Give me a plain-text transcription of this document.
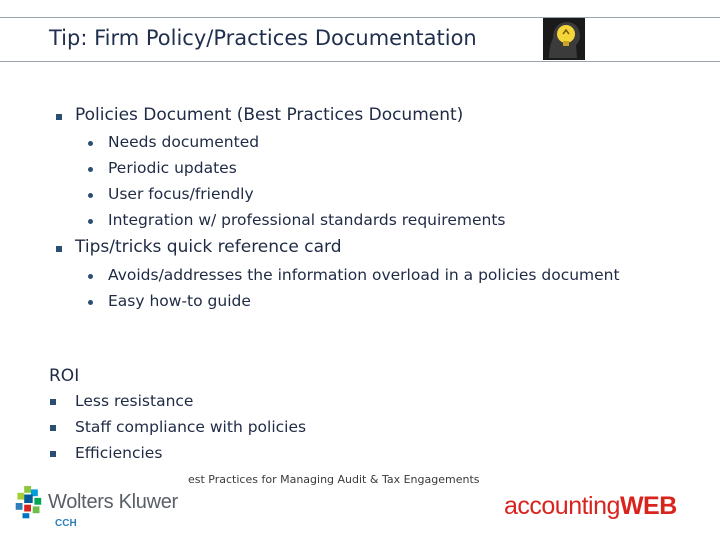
Tip: Firm Policy/Practices Documentation
Policies Document (Best Practices Document)
Needs documented
Periodic updates
User focus/friendly
Integration w/ professional standards requirements
Tips/tricks quick reference card
Avoids/addresses the information overload in a policies document
Easy how-to guide
ROI
Less resistance
Staff compliance with policies
Efficiencies
Wolters Kluwer
CCH
est Practices for Managing Audit & Tax Engagements
accountingWEB
